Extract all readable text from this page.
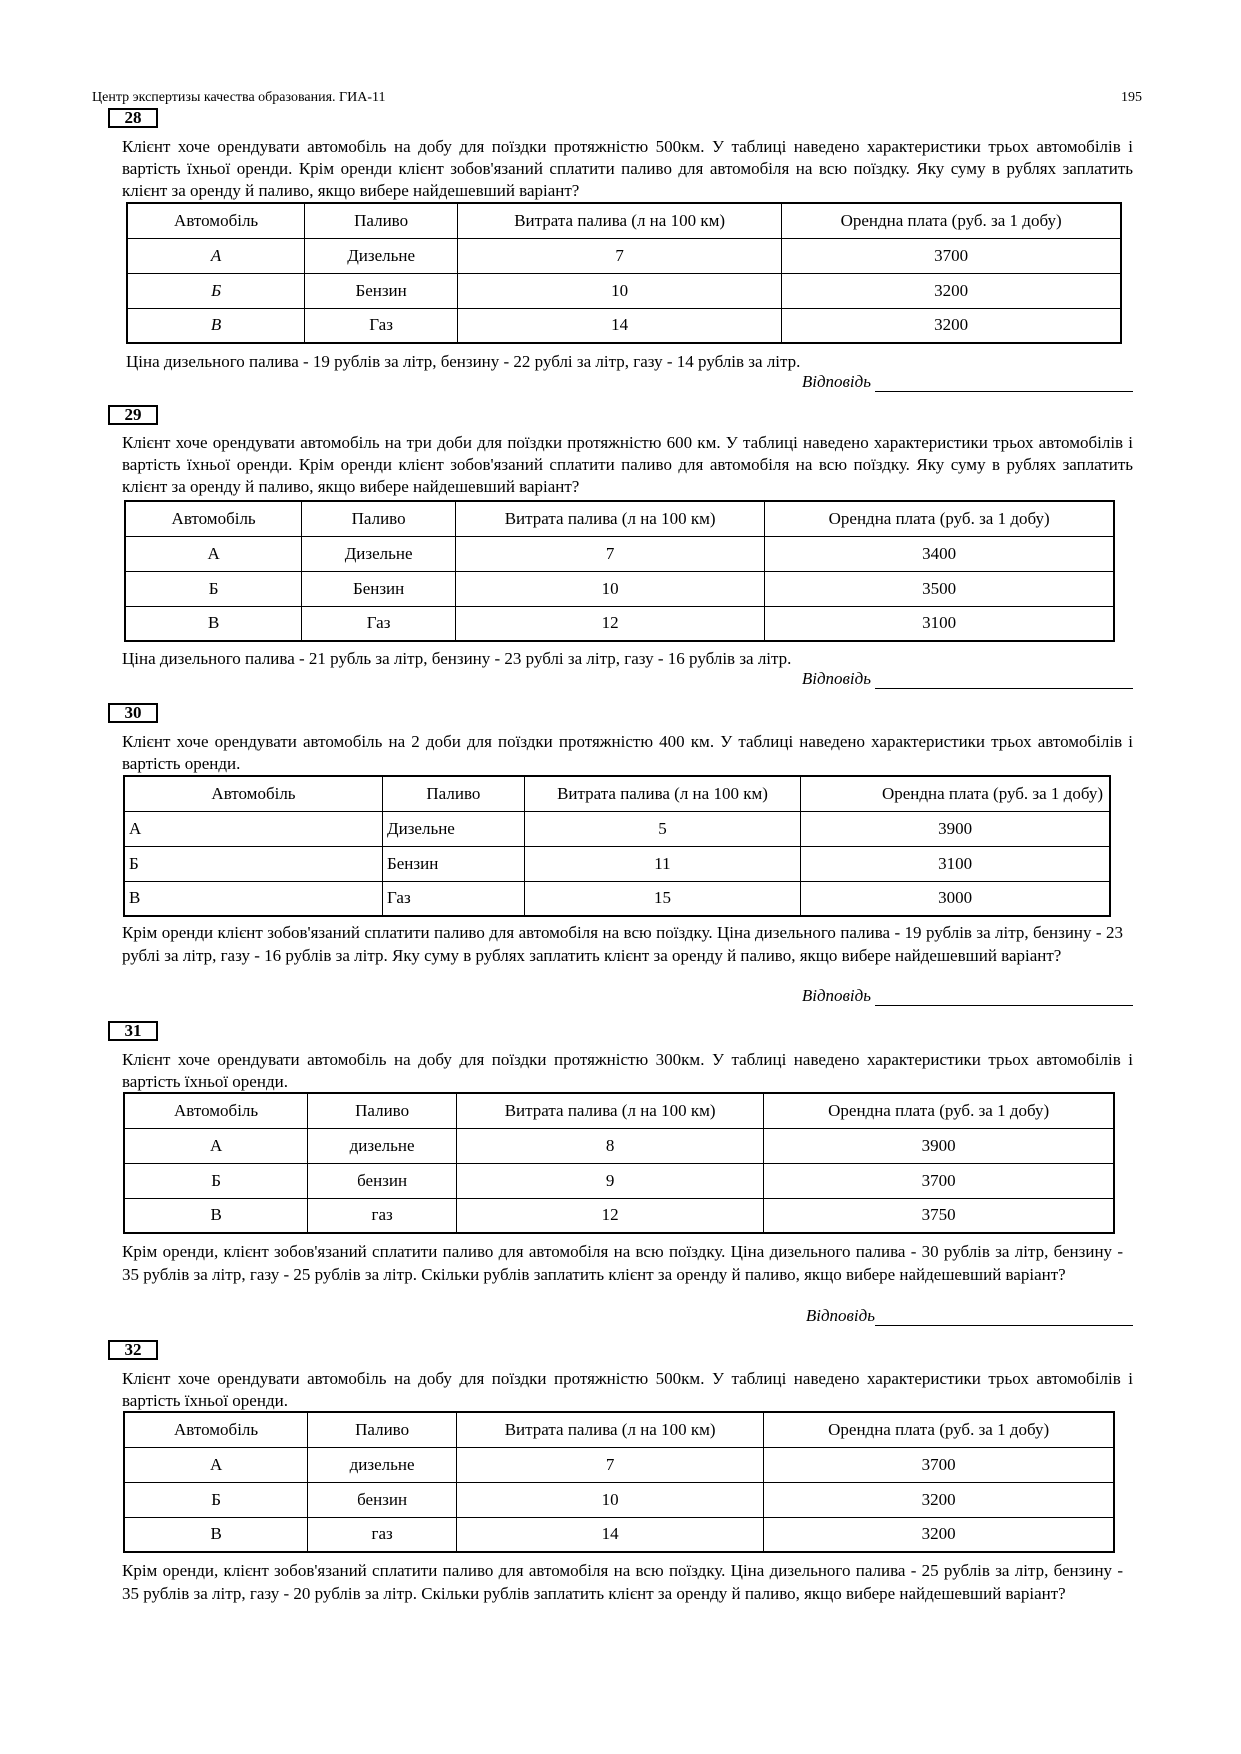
Центр экспертизы качества образования. ГИА-11	195
28

Клієнт хоче орендувати автомобіль на добу для поїздки протяжністю 500км. У таблиці наведено характеристики трьох автомобілів і вартість їхньої оренди. Крім оренди клієнт зобов'язаний сплатити паливо для автомобіля на всю поїздку. Яку суму в рублях заплатить клієнт за оренду й паливо, якщо вибере найдешевший варіант?

Автомобіль	Паливо	Витрата палива (л на 100 км)	Орендна плата (руб. за 1 добу)
А	Дизельне	7	3700
Б	Бензин	10	3200
В	Газ	14	3200

Ціна дизельного палива - 19 рублів за літр, бензину - 22 рублі за літр, газу - 14 рублів за літр.

Відповідь
29

Клієнт хоче орендувати автомобіль на три доби для поїздки протяжністю 600 км. У таблиці наведено характеристики трьох автомобілів і вартість їхньої оренди. Крім оренди клієнт зобов'язаний сплатити паливо для автомобіля на всю поїздку. Яку суму в рублях заплатить клієнт за оренду й паливо, якщо вибере найдешевший варіант?

Автомобіль	Паливо	Витрата палива (л на 100 км)	Орендна плата (руб. за 1 добу)
А	Дизельне	7	3400
Б	Бензин	10	3500
В	Газ	12	3100

Ціна дизельного палива - 21 рубль за літр, бензину - 23 рублі за літр, газу - 16 рублів за літр.

Відповідь
30

Клієнт хоче орендувати автомобіль на 2 доби для поїздки протяжністю 400 км. У таблиці наведено характеристики трьох автомобілів і вартість оренди.

Автомобіль	Паливо	Витрата палива (л на 100 км)	Орендна плата (руб. за 1 добу)
А	Дизельне	5	3900
Б	Бензин	11	3100
В	Газ	15	3000

Крім оренди клієнт зобов'язаний сплатити паливо для автомобіля на всю поїздку. Ціна дизельного палива - 19 рублів за літр, бензину - 23 рублі за літр, газу - 16 рублів за літр. Яку суму в рублях заплатить клієнт за оренду й паливо, якщо вибере найдешевший варіант?

Відповідь
31

Клієнт хоче орендувати автомобіль на добу для поїздки протяжністю 300км. У таблиці наведено характеристики трьох автомобілів і вартість їхньої оренди.

Автомобіль	Паливо	Витрата палива (л на 100 км)	Орендна плата (руб. за 1 добу)
А	дизельне	8	3900
Б	бензин	9	3700
В	газ	12	3750

Крім оренди, клієнт зобов'язаний сплатити паливо для автомобіля на всю поїздку. Ціна дизельного палива - 30 рублів за літр, бензину - 35 рублів за літр, газу - 25 рублів за літр. Скільки рублів заплатить клієнт за оренду й паливо, якщо вибере найдешевший варіант?

Відповідь
32

Клієнт хоче орендувати автомобіль на добу для поїздки протяжністю 500км. У таблиці наведено характеристики трьох автомобілів і вартість їхньої оренди.

Автомобіль	Паливо	Витрата палива (л на 100 км)	Орендна плата (руб. за 1 добу)
А	дизельне	7	3700
Б	бензин	10	3200
В	газ	14	3200

Крім оренди, клієнт зобов'язаний сплатити паливо для автомобіля на всю поїздку. Ціна дизельного палива - 25 рублів за літр, бензину - 35 рублів за літр, газу - 20 рублів за літр. Скільки рублів заплатить клієнт за оренду й паливо, якщо вибере найдешевший варіант?
